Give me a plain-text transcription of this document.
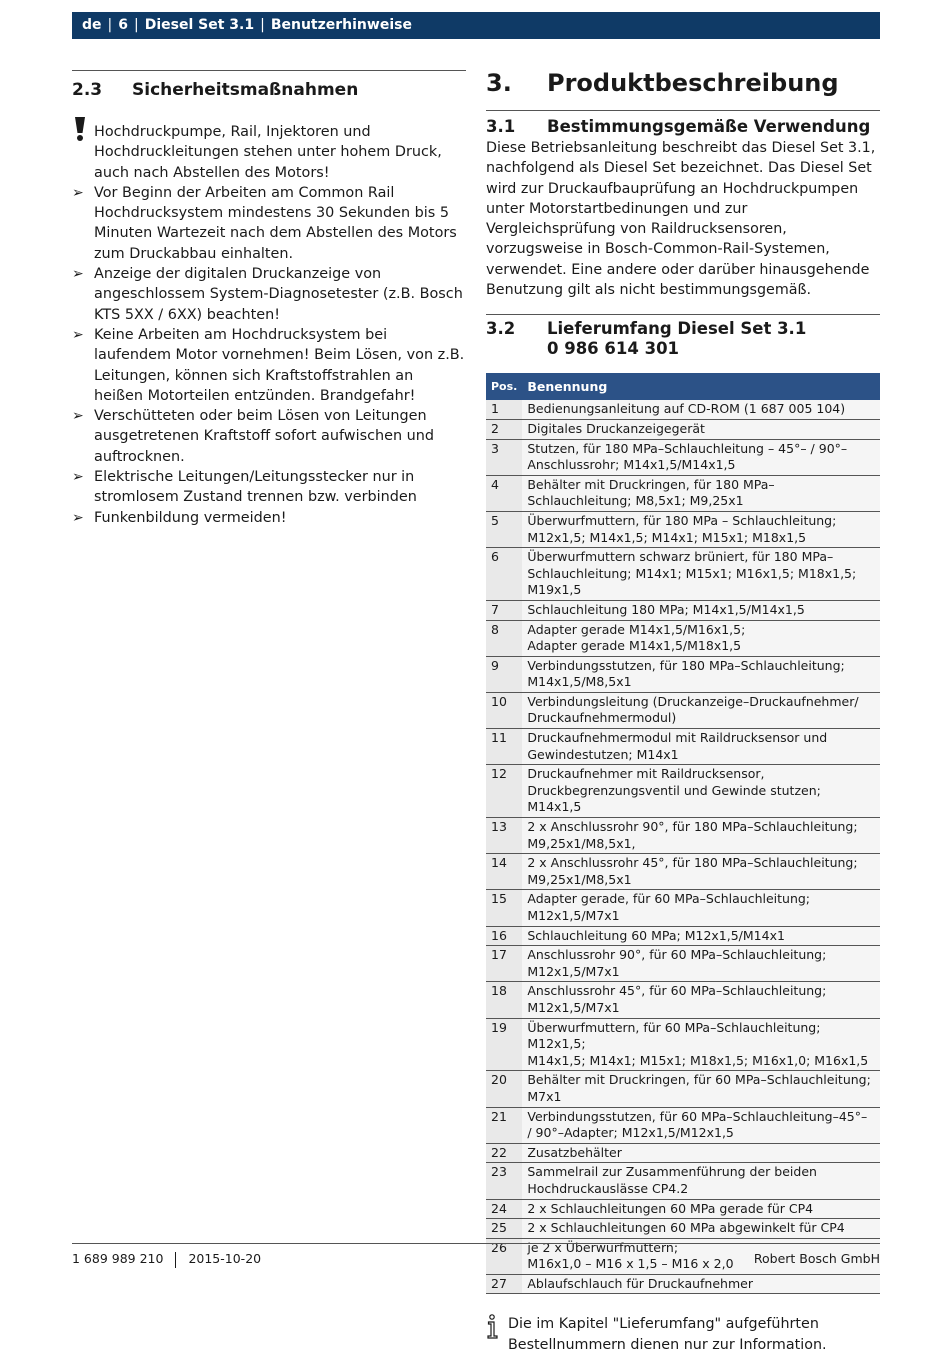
de | 6 | Diesel Set 3.1 | Benutzerhinweise
2.3 Sicherheitsmaßnahmen
Hochdruckpumpe, Rail, Injektoren und Hochdruckleitungen stehen unter hohem Druck, auch nach Abstellen des Motors!
➢ Vor Beginn der Arbeiten am Common Rail Hochdrucksystem mindestens 30 Sekunden bis 5 Minuten Wartezeit nach dem Abstellen des Motors zum Druckabbau einhalten.
➢ Anzeige der digitalen Druckanzeige von angeschlossem System-Diagnosetester (z.B. Bosch KTS 5XX / 6XX) beachten!
➢ Keine Arbeiten am Hochdrucksystem bei laufendem Motor vornehmen! Beim Lösen, von z.B. Leitungen, können sich Kraftstoffstrahlen an heißen Motorteilen entzünden. Brandgefahr!
➢ Verschütteten oder beim Lösen von Leitungen ausgetretenen Kraftstoff sofort aufwischen und auftrocknen.
➢ Elektrische Leitungen/Leitungsstecker nur in stromlosem Zustand trennen bzw. verbinden
➢ Funkenbildung vermeiden!
3. Produktbeschreibung
3.1	Bestimmungsgemäße Verwendung
Diese Betriebsanleitung beschreibt das Diesel Set 3.1, nachfolgend als Diesel Set bezeichnet. Das Diesel Set wird zur Druckaufbauprüfung an Hochdruckpumpen unter Motorstartbedinungen und zur Vergleichsprüfung von Raildrucksensoren, vorzugsweise in Bosch-Common-Rail-Systemen, verwendet. Eine andere oder darüber hinausgehende Benutzung gilt als nicht bestimmungsgemäß.
3.2	Lieferumfang Diesel Set 3.1
0 986 614 301
Pos.	Benennung
1	Bedienungsanleitung auf CD-ROM (1 687 005 104)
2	Digitales Druckanzeigegerät
3	Stutzen, für 180 MPa–Schlauchleitung – 45°– / 90°– Anschlussrohr; M14x1,5/M14x1,5
4	Behälter mit Druckringen, für 180 MPa–Schlauchleitung; M8,5x1; M9,25x1
5	Überwurfmuttern, für 180 MPa – Schlauchleitung; M12x1,5; M14x1,5; M14x1; M15x1; M18x1,5
6	Überwurfmuttern schwarz brüniert, für 180 MPa–
Schlauchleitung; M14x1; M15x1; M16x1,5; M18x1,5; M19x1,5
7	Schlauchleitung 180 MPa; M14x1,5/M14x1,5
8	Adapter gerade M14x1,5/M16x1,5;
Adapter gerade M14x1,5/M18x1,5
9	Verbindungsstutzen, für 180 MPa–Schlauchleitung; M14x1,5/M8,5x1
10	Verbindungsleitung (Druckanzeige–Druckaufnehmer/ Druckaufnehmermodul)
11	Druckaufnehmermodul mit Raildrucksensor und Gewindestutzen; M14x1
12	Druckaufnehmer mit Raildrucksensor, Druckbegrenzungsventil und Gewinde stutzen; M14x1,5
13	2 x Anschlussrohr 90°, für 180 MPa–Schlauchleitung; M9,25x1/M8,5x1,
14	2 x Anschlussrohr 45°, für 180 MPa–Schlauchleitung; M9,25x1/M8,5x1
15	Adapter gerade, für 60 MPa–Schlauchleitung; M12x1,5/M7x1
16	Schlauchleitung 60 MPa; M12x1,5/M14x1
17	Anschlussrohr 90°, für 60 MPa–Schlauchleitung; M12x1,5/M7x1
18	Anschlussrohr 45°, für 60 MPa–Schlauchleitung; M12x1,5/M7x1
19	Überwurfmuttern, für 60 MPa–Schlauchleitung; M12x1,5;
M14x1,5; M14x1; M15x1; M18x1,5; M16x1,0; M16x1,5
20	Behälter mit Druckringen, für 60 MPa–Schlauchleitung; M7x1
21	Verbindungsstutzen, für 60 MPa–Schlauchleitung–45°– / 90°–Adapter; M12x1,5/M12x1,5
22	Zusatzbehälter
23	Sammelrail zur Zusammenführung der beiden Hochdruckauslässe CP4.2
24	2 x Schlauchleitungen 60 MPa gerade für CP4
25	2 x Schlauchleitungen 60 MPa abgewinkelt für CP4
26	je 2 x Überwurfmuttern;
M16x1,0 – M16 x 1,5 – M16 x 2,0
27	Ablaufschlauch für Druckaufnehmer
Die im Kapitel "Lieferumfang" aufgeführten Bestellnummern dienen nur zur Information.
1 689 989 210 2015-10-20	Robert Bosch GmbH
